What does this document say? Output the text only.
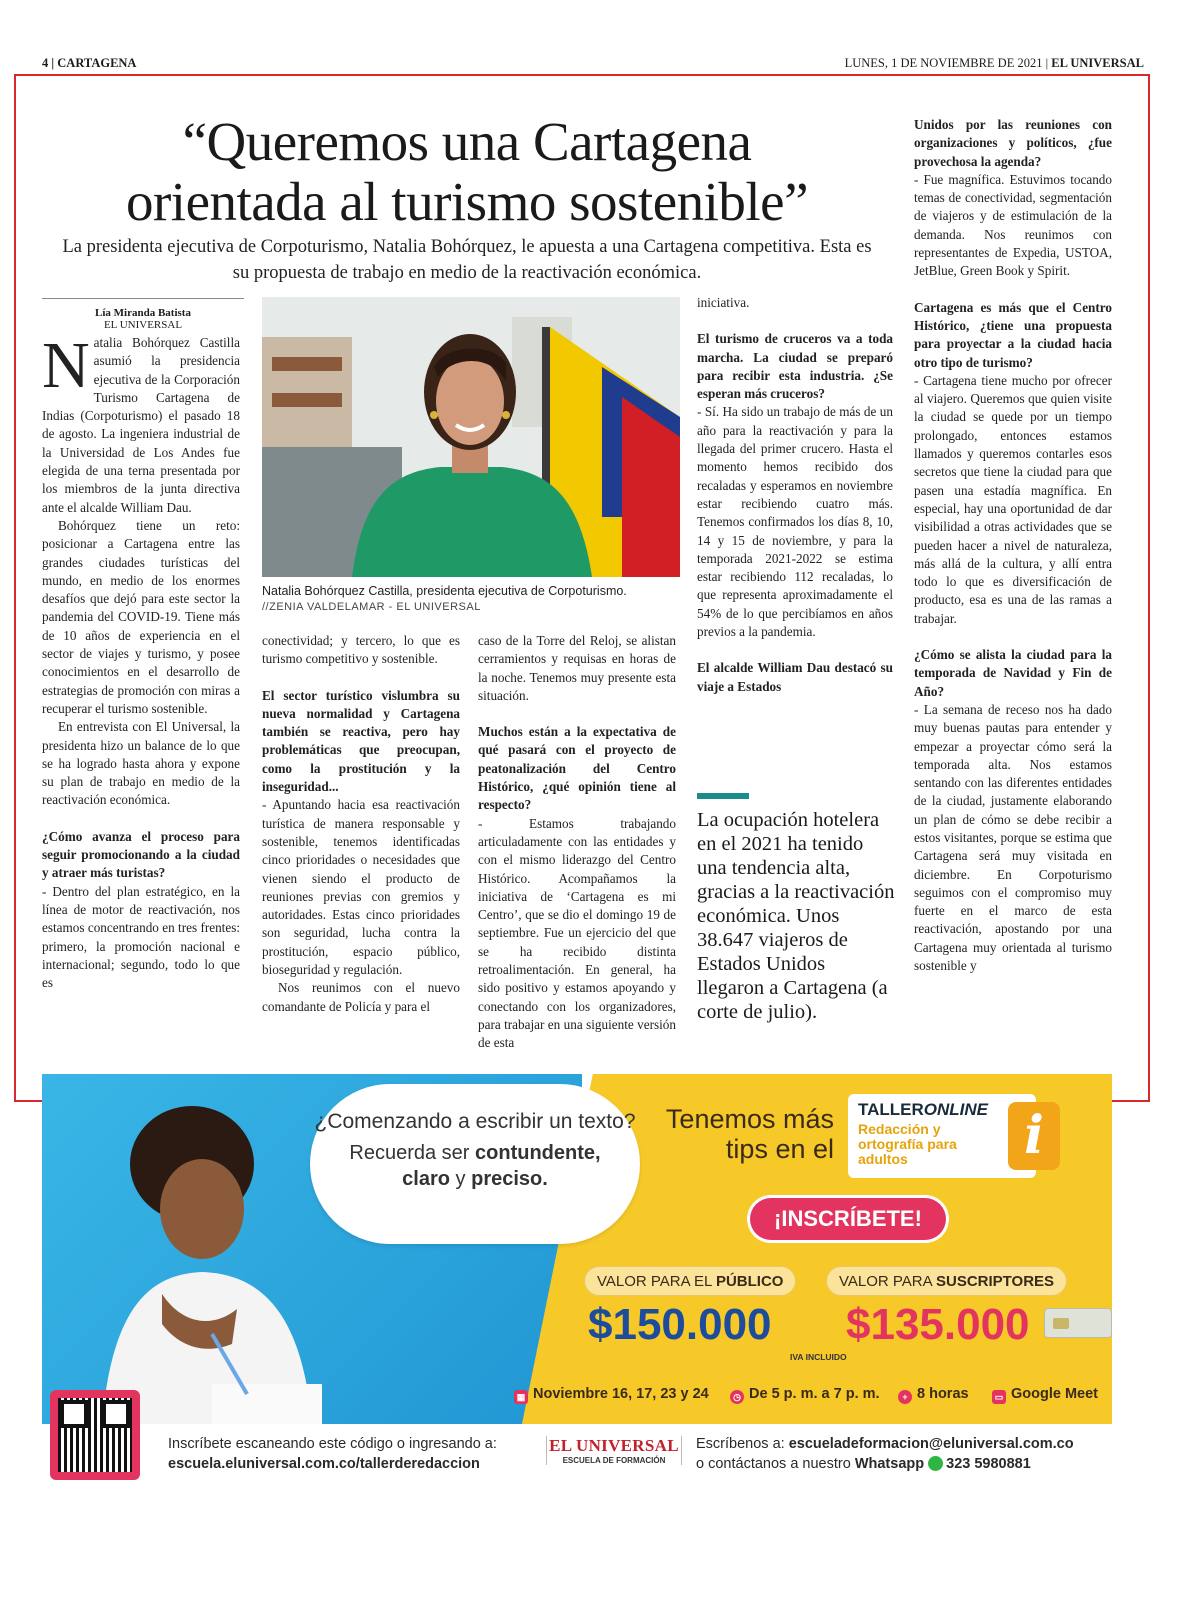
4 | CARTAGENA	LUNES, 1 DE NOVIEMBRE DE 2021 | EL UNIVERSAL
“Queremos una Cartagena
orientada al turismo sostenible”
La presidenta ejecutiva de Corpoturismo, Natalia Bohórquez, le apuesta a una Cartagena competitiva. Esta es su propuesta de trabajo en medio de la reactivación económica.
Lía Miranda Batista
EL UNIVERSAL

Natalia Bohórquez Castilla asumió la presidencia ejecutiva de la Corporación Turismo Cartagena de Indias (Corpoturismo) el pasado 18 de agosto. La ingeniera industrial de la Universidad de Los Andes fue elegida de una terna presentada por los miembros de la junta directiva ante el alcalde William Dau.

Bohórquez tiene un reto: posicionar a Cartagena entre las grandes ciudades turísticas del mundo, en medio de los enormes desafíos que dejó para este sector la pandemia del COVID-19. Tiene más de 10 años de experiencia en el sector de viajes y turismo, y posee conocimientos en el desarrollo de estrategias de promoción con miras a recuperar el turismo sostenible.

En entrevista con El Universal, la presidenta hizo un balance de lo que se ha logrado hasta ahora y expone su plan de trabajo en medio de la reactivación económica.

¿Cómo avanza el proceso para seguir promocionando a la ciudad y atraer más turistas?

- Dentro del plan estratégico, en la línea de motor de reactivación, nos estamos concentrando en tres frentes: primero, la promoción nacional e internacional; segundo, todo lo que es

Natalia Bohórquez Castilla, presidenta ejecutiva de Corpoturismo.
//ZENIA VALDELAMAR - EL UNIVERSAL

conectividad; y tercero, lo que es turismo competitivo y sostenible.

El sector turístico vislumbra su nueva normalidad y Cartagena también se reactiva, pero hay problemáticas que preocupan, como la prostitución y la inseguridad...

- Apuntando hacia esa reactivación turística de manera responsable y sostenible, tenemos identificadas cinco prioridades o necesidades que vienen siendo el producto de reuniones previas con gremios y autoridades. Estas cinco prioridades son seguridad, lucha contra la prostitución, espacio público, bioseguridad y regulación.

Nos reunimos con el nuevo comandante de Policía y para el

caso de la Torre del Reloj, se alistan cerramientos y requisas en horas de la noche. Tenemos muy presente esta situación.

Muchos están a la expectativa de qué pasará con el proyecto de peatonalización del Centro Histórico, ¿qué opinión tiene al respecto?

- Estamos trabajando articuladamente con las entidades y con el mismo liderazgo del Centro Histórico. Acompañamos la iniciativa de ‘Cartagena es mi Centro’, que se dio el domingo 19 de septiembre. Fue un ejercicio del que se ha recibido distinta retroalimentación. En general, ha sido positivo y estamos apoyando y conectando con los organizadores, para trabajar en una siguiente versión de esta

iniciativa.

El turismo de cruceros va a toda marcha. La ciudad se preparó para recibir esta industria. ¿Se esperan más cruceros?

- Sí. Ha sido un trabajo de más de un año para la reactivación y para la llegada del primer crucero. Hasta el momento hemos recibido dos recaladas y esperamos en noviembre estar recibiendo cuatro más. Tenemos confirmados los días 8, 10, 14 y 15 de noviembre, y para la temporada 2021-2022 se estima estar recibiendo 112 recaladas, lo que representa aproximadamente el 54% de lo que percibíamos en años previos a la pandemia.

El alcalde William Dau destacó su viaje a Estados

La ocupación hotelera en el 2021 ha tenido una tendencia alta, gracias a la reactivación económica. Unos 38.647 viajeros de Estados Unidos llegaron a Cartagena (a corte de julio).

Unidos por las reuniones con organizaciones y políticos, ¿fue provechosa la agenda?

- Fue magnífica. Estuvimos tocando temas de conectividad, segmentación de viajeros y de estimulación de la demanda. Nos reunimos con representantes de Expedia, USTOA, JetBlue, Green Book y Spirit.

Cartagena es más que el Centro Histórico, ¿tiene una propuesta para proyectar a la ciudad hacia otro tipo de turismo?

- Cartagena tiene mucho por ofrecer al viajero. Queremos que quien visite la ciudad se quede por un tiempo prolongado, entonces estamos llamados y queremos contarles esos secretos que tiene la ciudad para que pasen una estadía magnífica. En especial, hay una oportunidad de dar visibilidad a otras actividades que se pueden hacer a nivel de naturaleza, más allá de la cultura, y allí entra todo lo que es diversificación de producto, esa es una de las ramas a trabajar.

¿Cómo se alista la ciudad para la temporada de Navidad y Fin de Año?

- La semana de receso nos ha dado muy buenas pautas para entender y empezar a proyectar cómo será la temporada alta. Nos estamos sentando con las diferentes entidades de la ciudad, justamente elaborando un plan de cómo se debe recibir a estos visitantes, porque se estima que Cartagena será muy visitada en diciembre. En Corpoturismo seguimos con el compromiso muy fuerte en el marco de esta reactivación, apostando por una Cartagena muy orientada al turismo sostenible y

¿Comenzando a escribir un texto?
Recuerda ser contundente,
claro y preciso.
Tenemos más tips en el
TALLERONLINE
Redacción y ortografía para adultos	i
¡INSCRÍBETE!
VALOR PARA EL PÚBLICO
$150.000
VALOR PARA SUSCRIPTORES
$135.000
IVA INCLUIDO
▦ Noviembre 16, 17, 23 y 24	◷ De 5 p. m. a 7 p. m.	+ 8 horas	▭ Google Meet
Inscríbete escaneando este código o ingresando a:
escuela.eluniversal.com.co/tallerderedaccion
EL UNIVERSAL
ESCUELA DE FORMACIÓN
Escríbenos a: escueladeformacion@eluniversal.com.co
o contáctanos a nuestro Whatsapp 323 5980881
